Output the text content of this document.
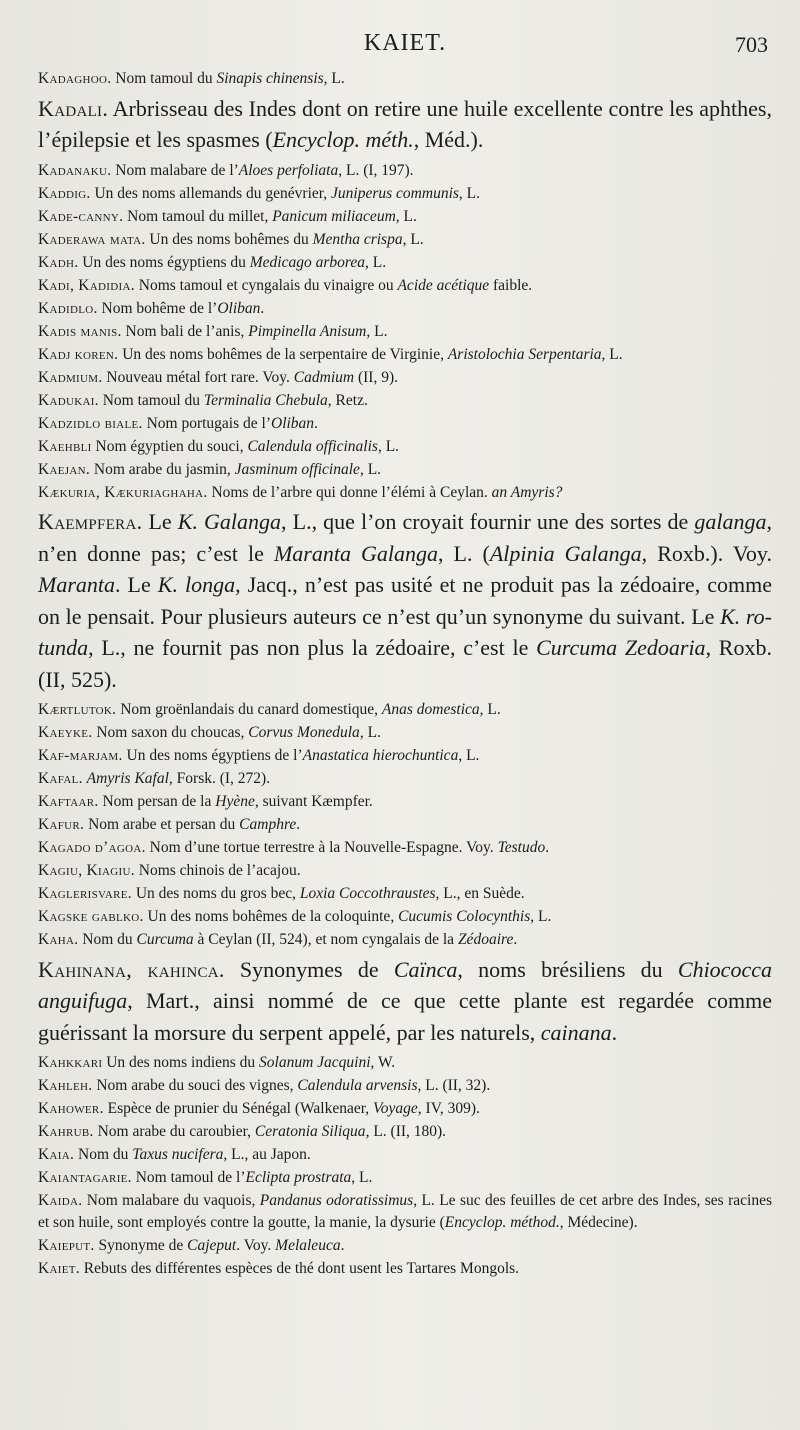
KAIET.	703

Kadaghoo. Nom tamoul du Sinapis chinensis, L.

Kadali. Arbrisseau des Indes dont on retire une huile excellente contre les aphthes, l’épilepsie et les spasmes (Encyclop. méth., Méd.).

Kadanaku. Nom malabare de l’Aloes perfoliata, L. (I, 197).

Kaddig. Un des noms allemands du genévrier, Juniperus communis, L.

Kade-canny. Nom tamoul du millet, Panicum miliaceum, L.

Kaderawa mata. Un des noms bohêmes du Mentha crispa, L.

Kadh. Un des noms égyptiens du Medicago arborea, L.

Kadi, Kadidia. Noms tamoul et cyngalais du vinaigre ou Acide acétique faible.

Kadidlo. Nom bohême de l’Oliban.

Kadis manis. Nom bali de l’anis, Pimpinella Anisum, L.

Kadj koren. Un des noms bohêmes de la serpentaire de Virginie, Aristolochia Serpentaria, L.

Kadmium. Nouveau métal fort rare. Voy. Cadmium (II, 9).

Kadukai. Nom tamoul du Terminalia Chebula, Retz.

Kadzidlo biale. Nom portugais de l’Oliban.

Kaehbli Nom égyptien du souci, Calendula officinalis, L.

Kaejan. Nom arabe du jasmin, Jasminum officinale, L.

Kækuria, Kækuriaghaha. Noms de l’arbre qui donne l’élémi à Ceylan. an Amyris?

Kaempfera. Le K. Galanga, L., que l’on croyait fournir une des sortes de galanga, n’en donne pas; c’est le Maranta Galanga, L. (Alpinia Galanga, Roxb.). Voy. Maranta. Le K. longa, Jacq., n’est pas usité et ne produit pas la zédoaire, comme on le pensait. Pour plusieurs auteurs ce n’est qu’un synonyme du suivant. Le K. rotunda, L., ne fournit pas non plus la zédoaire, c’est le Curcuma Zedoaria, Roxb. (II, 525).

Kærtlutok. Nom groënlandais du canard domestique, Anas domestica, L.

Kaeyke. Nom saxon du choucas, Corvus Monedula, L.

Kaf-marjam. Un des noms égyptiens de l’Anastatica hierochuntica, L.

Kafal. Amyris Kafal, Forsk. (I, 272).

Kaftaar. Nom persan de la Hyène, suivant Kæmpfer.

Kafur. Nom arabe et persan du Camphre.

Kagado d’agoa. Nom d’une tortue terrestre à la Nouvelle-Espagne. Voy. Testudo.

Kagiu, Kiagiu. Noms chinois de l’acajou.

Kaglerisvare. Un des noms du gros bec, Loxia Coccothraustes, L., en Suède.

Kagske gablko. Un des noms bohêmes de la coloquinte, Cucumis Colocynthis, L.

Kaha. Nom du Curcuma à Ceylan (II, 524), et nom cyngalais de la Zédoaire.

Kahinana, kahinca. Synonymes de Caïnca, noms brésiliens du Chiococca anguifuga, Mart., ainsi nommé de ce que cette plante est regardée comme guérissant la morsure du serpent appelé, par les naturels, cainana.

Kahkkari Un des noms indiens du Solanum Jacquini, W.

Kahleh. Nom arabe du souci des vignes, Calendula arvensis, L. (II, 32).

Kahower. Espèce de prunier du Sénégal (Walkenaer, Voyage, IV, 309).

Kahrub. Nom arabe du caroubier, Ceratonia Siliqua, L. (II, 180).

Kaia. Nom du Taxus nucifera, L., au Japon.

Kaiantagarie. Nom tamoul de l’Eclipta prostrata, L.

Kaida. Nom malabare du vaquois, Pandanus odoratissimus, L. Le suc des feuilles de cet arbre des Indes, ses racines et son huile, sont employés contre la goutte, la manie, la dysurie (Encyclop. méthod., Médecine).

Kaieput. Synonyme de Cajeput. Voy. Melaleuca.

Kaiet. Rebuts des différentes espèces de thé dont usent les Tartares Mongols.
